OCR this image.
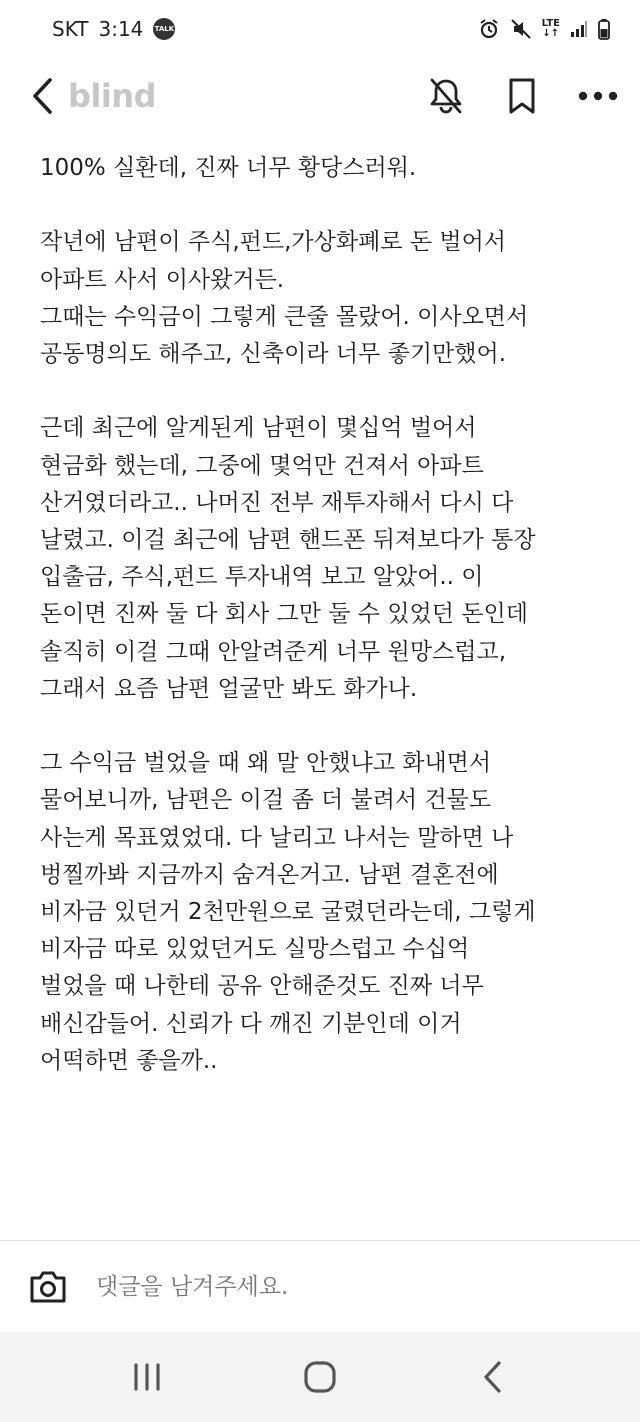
SKT 3:14 TALK	LTE
↓↑
blind

100% 실환데, 진짜 너무 황당스러워.

작년에 남편이 주식,펀드,가상화폐로 돈 벌어서
아파트 사서 이사왔거든.
그때는 수익금이 그렇게 큰줄 몰랐어. 이사오면서
공동명의도 해주고, 신축이라 너무 좋기만했어.

근데 최근에 알게된게 남편이 몇십억 벌어서
현금화 했는데, 그중에 몇억만 건져서 아파트
산거였더라고.. 나머진 전부 재투자해서 다시 다
날렸고. 이걸 최근에 남편 핸드폰 뒤져보다가 통장
입출금, 주식,펀드 투자내역 보고 알았어.. 이
돈이면 진짜 둘 다 회사 그만 둘 수 있었던 돈인데
솔직히 이걸 그때 안알려준게 너무 원망스럽고,
그래서 요즘 남편 얼굴만 봐도 화가나.

그 수익금 벌었을 때 왜 말 안했냐고 화내면서
물어보니까, 남편은 이걸 좀 더 불려서 건물도
사는게 목표였었대. 다 날리고 나서는 말하면 나
벙찔까봐 지금까지 숨겨온거고. 남편 결혼전에
비자금 있던거 2천만원으로 굴렸던라는데, 그렇게
비자금 따로 있었던거도 실망스럽고 수십억
벌었을 때 나한테 공유 안해준것도 진짜 너무
배신감들어. 신뢰가 다 깨진 기분인데 이거
어떡하면 좋을까..

댓글을 남겨주세요.
